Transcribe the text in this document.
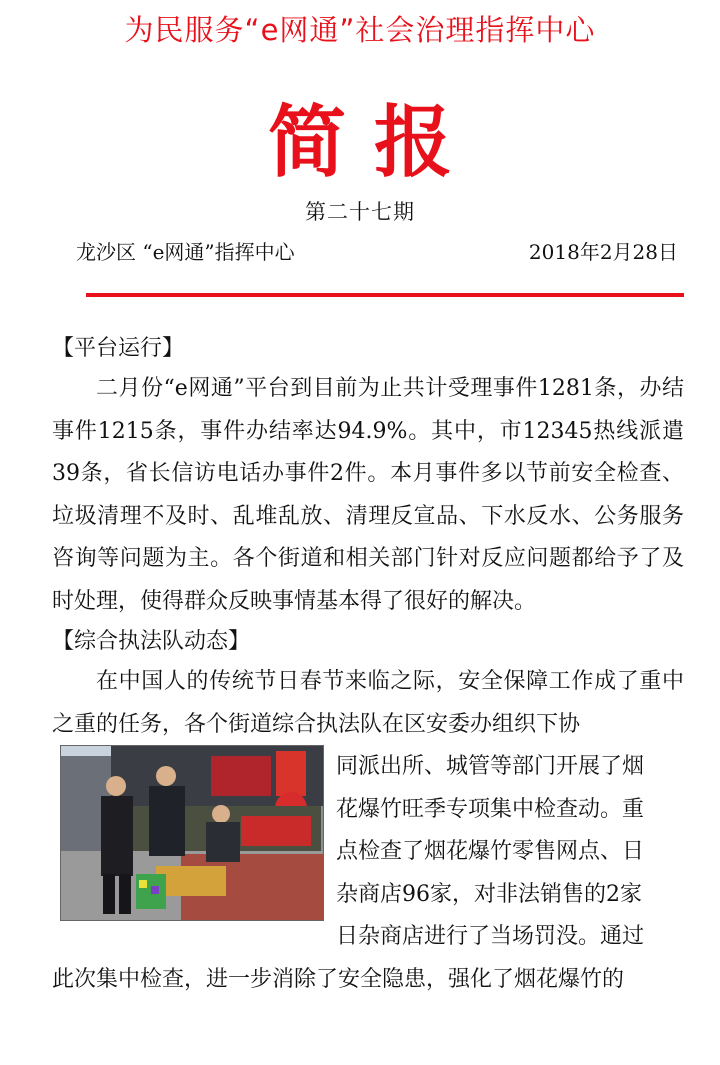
为民服务“e网通”社会治理指挥中心
简报
第二十七期
龙沙区 “e网通”指挥中心	2018年2月28日

【平台运行】

二月份“e网通”平台到目前为止共计受理事件1281条，办结事件1215条，事件办结率达94.9%。其中，市12345热线派遣39条，省长信访电话办事件2件。本月事件多以节前安全检查、垃圾清理不及时、乱堆乱放、清理反宣品、下水反水、公务服务咨询等问题为主。各个街道和相关部门针对反应问题都给予了及时处理，使得群众反映事情基本得了很好的解决。

【综合执法队动态】

在中国人的传统节日春节来临之际，安全保障工作成了重中之重的任务，各个街道综合执法队在区安委办组织下协

同派出所、城管等部门开展了烟

花爆竹旺季专项集中检查动。重

点检查了烟花爆竹零售网点、日

杂商店96家，对非法销售的2家

日杂商店进行了当场罚没。通过

此次集中检查，进一步消除了安全隐患，强化了烟花爆竹的
